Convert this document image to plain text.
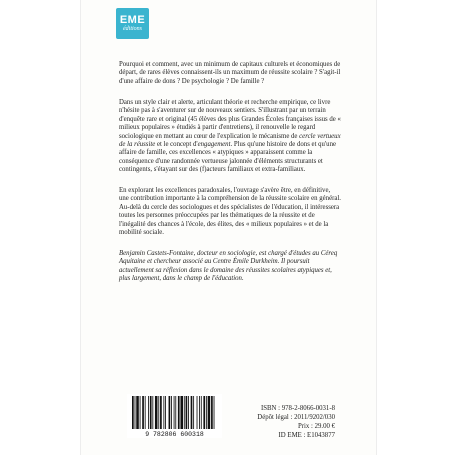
EME
éditions

Pourquoi et comment, avec un minimum de capitaux culturels et économiques de départ, de rares élèves connaissent-ils un maximum de réussite scolaire ? S'agit-il d'une affaire de dons ? De psychologie ? De famille ?

Dans un style clair et alerte, articulant théorie et recherche empirique, ce livre n'hésite pas à s'aventurer sur de nouveaux sentiers. S'illustrant par un terrain d'enquête rare et original (45 élèves des plus Grandes Écoles françaises issus de « milieux populaires » étudiés à partir d'entretiens), il renouvelle le regard sociologique en mettant au cœur de l'explication le mécanisme de cercle vertueux de la réussite et le concept d'engagement. Plus qu'une histoire de dons et qu'une affaire de famille, ces excellences « atypiques » apparaissent comme la conséquence d'une randonnée vertueuse jalonnée d'éléments structurants et contingents, s'étayant sur des (f)acteurs familiaux et extra-familiaux.

En explorant les excellences paradoxales, l'ouvrage s'avère être, en définitive, une contribution importante à la compréhension de la réussite scolaire en général. Au-delà du cercle des sociologues et des spécialistes de l'éducation, il intéressera toutes les personnes préoccupées par les thématiques de la réussite et de l'inégalité des chances à l'école, des élites, des « milieux populaires » et de la mobilité sociale.

Benjamin Castets-Fontaine, docteur en sociologie, est chargé d'études au Céreq Aquitaine et chercheur associé au Centre Émile Durkheim. Il poursuit actuellement sa réflexion dans le domaine des réussites scolaires atypiques et, plus largement, dans le champ de l'éducation.

9 782806 600318
ISBN : 978-2-8066-0031-8
Dépôt légal : 2011/9202/030
Prix : 29.00 €
ID EME : E1043877
